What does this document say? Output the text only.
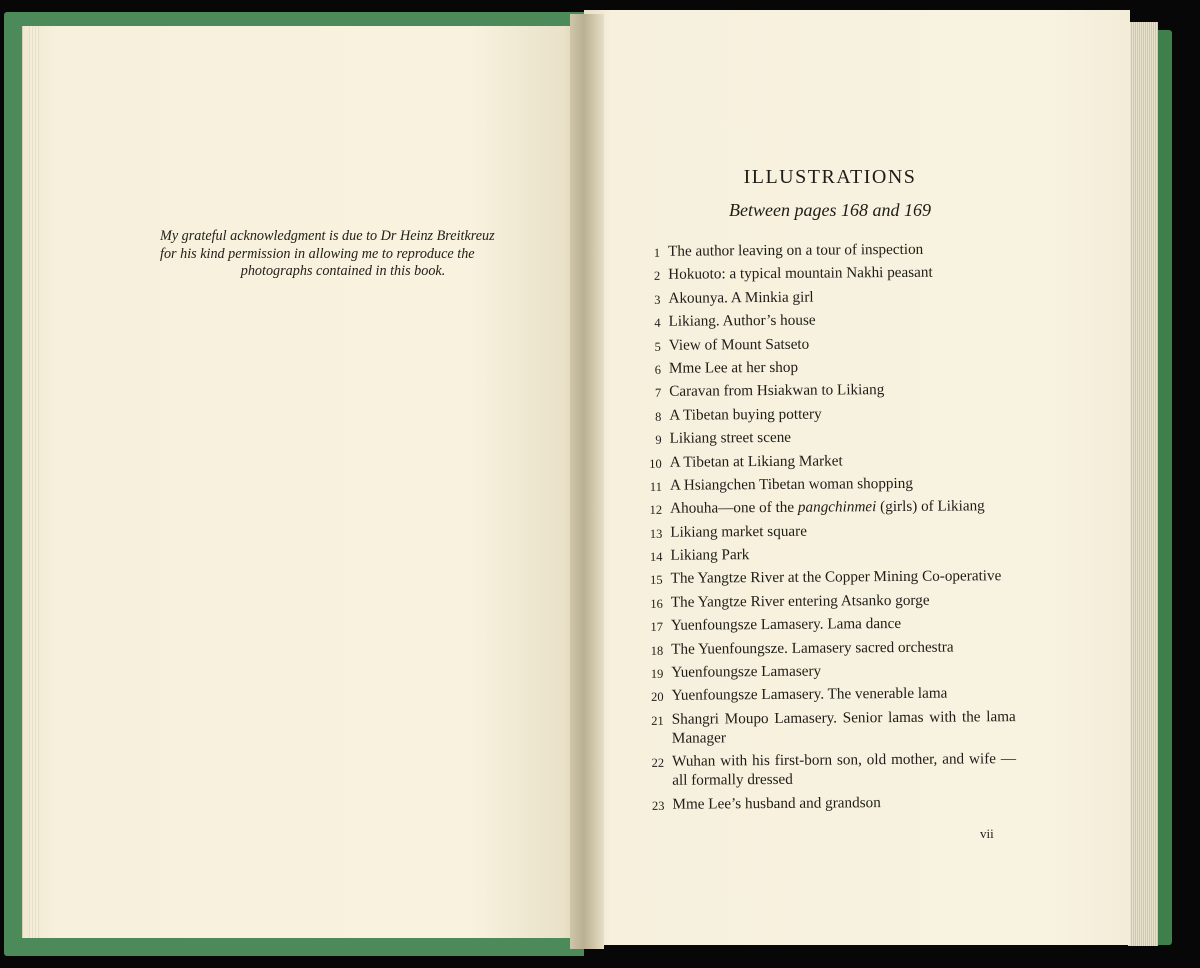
My grateful acknowledgment is due to Dr Heinz Breitkreuz
for his kind permission in allowing me to reproduce the
photographs contained in this book.
ILLUSTRATIONS
Between pages 168 and 169
1 The author leaving on a tour of inspection
2 Hokuoto: a typical mountain Nakhi peasant
3 Akounya. A Minkia girl
4 Likiang. Author’s house
5 View of Mount Satseto
6 Mme Lee at her shop
7 Caravan from Hsiakwan to Likiang
8 A Tibetan buying pottery
9 Likiang street scene
10 A Tibetan at Likiang Market
11 A Hsiangchen Tibetan woman shopping
12 Ahouha—one of the pangchinmei (girls) of Likiang
13 Likiang market square
14 Likiang Park
15 The Yangtze River at the Copper Mining Co-operative
16 The Yangtze River entering Atsanko gorge
17 Yuenfoungsze Lamasery. Lama dance
18 The Yuenfoungsze. Lamasery sacred orchestra
19 Yuenfoungsze Lamasery
20 Yuenfoungsze Lamasery. The venerable lama
21 Shangri Moupo Lamasery. Senior lamas with the lama Manager
22 Wuhan with his first-born son, old mother, and wife —all formally dressed
23 Mme Lee’s husband and grandson
vii
